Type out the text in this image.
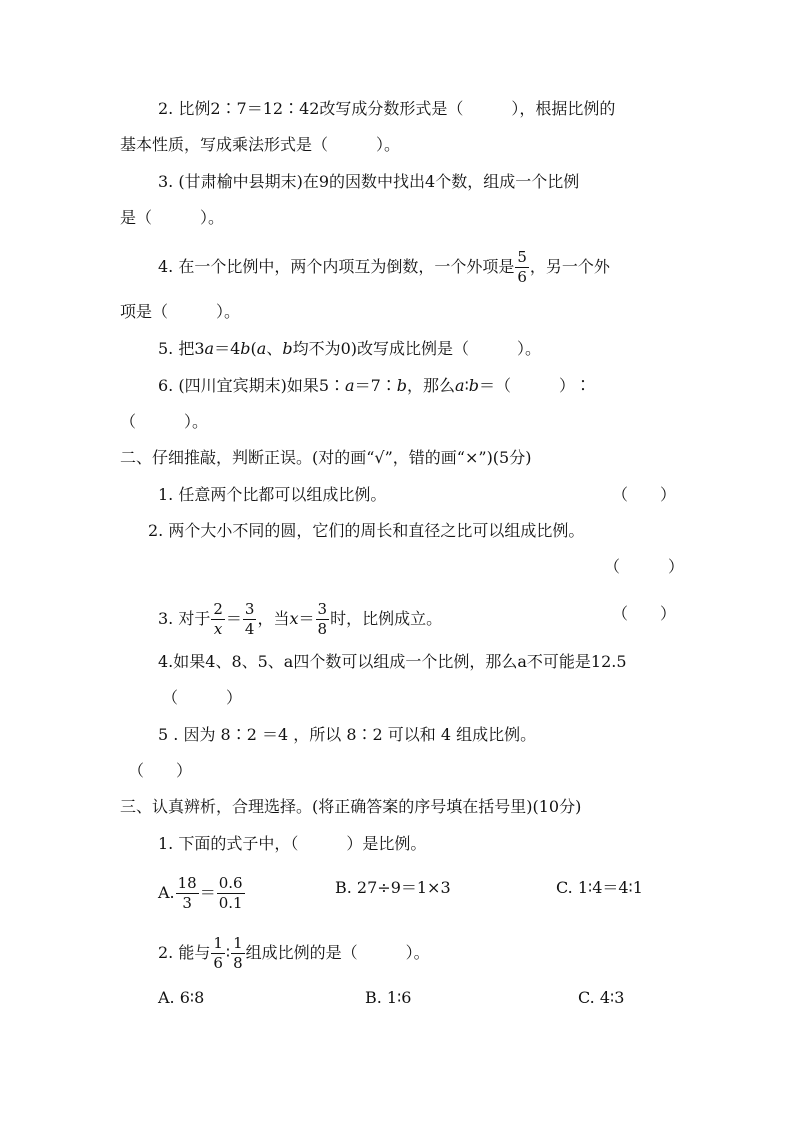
2. 比例2∶7＝12∶42改写成分数形式是（　　　），根据比例的
基本性质，写成乘法形式是（　　　）。
3. (甘肃榆中县期末)在9的因数中找出4个数，组成一个比例
是（　　　）。
4. 在一个比例中，两个内项互为倒数，一个外项是 $\frac{5}{6}$ ，另一个外
项是（　　　）。
5. 把3a＝4b(a、b均不为0)改写成比例是（　　　）。
6. (四川宜宾期末)如果5∶a＝7∶b，那么a∶b＝（　　　）∶
（　　　）。
二、仔细推敲，判断正误。(对的画“√”，错的画“×”)(5分)
1. 任意两个比都可以组成比例。	（　　）
2. 两个大小不同的圆，它们的周长和直径之比可以组成比例。
（　　　）
3. 对于 $\frac{2}{x} = \frac{3}{4}$ ，当$x= \frac{3}{8}$ 时，比例成立。	（　　）
4.如果4、8、5、a四个数可以组成一个比例，那么a不可能是12.5
（　　　）
5 . 因为 8∶2 ＝4 ，所以 8∶2 可以和 4 组成比例。
（　　）
三、认真辨析，合理选择。(将正确答案的序号填在括号里)(10分)
1. 下面的式子中，（　　　）是比例。
A. $\frac{18}{3} = \frac{0.6}{0.1}$	B. 27÷9＝1×3	C. 1∶4＝4∶1
2. 能与 $\frac{1}{6}$ ∶ $\frac{1}{8}$ 组成比例的是（　　　）。
A. 6∶8	B. 1∶6	C. 4∶3
